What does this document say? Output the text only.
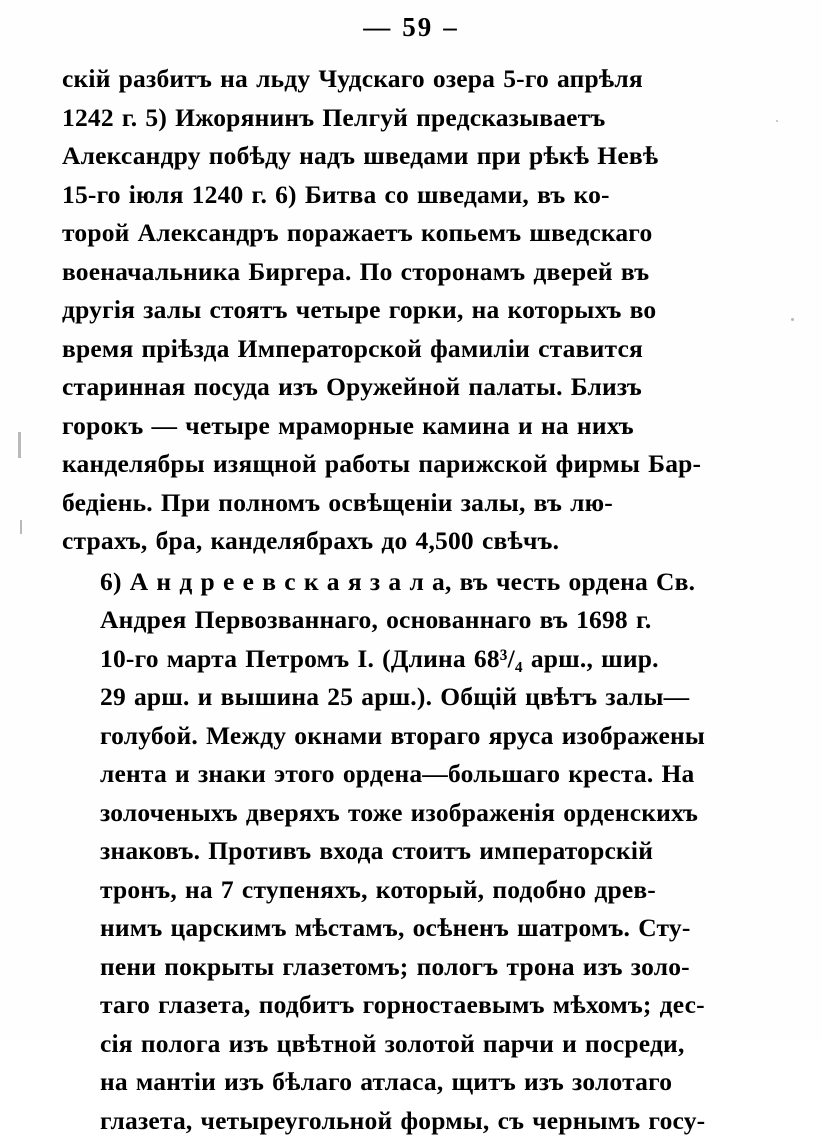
— 59 –

скій разбитъ на льду Чудскаго озера 5-го апрѣля
1242 г. 5) Ижорянинъ Пелгуй предсказываетъ
Александру побѣду надъ шведами при рѣкѣ Невѣ
15-го іюля 1240 г. 6) Битва со шведами, въ ко-
торой Александръ поражаетъ копьемъ шведскаго
военачальника Биргера. По сторонамъ дверей въ
другія залы стоятъ четыре горки, на которыхъ во
время пріѣзда Императорской фамиліи ставится
старинная посуда изъ Оружейной палаты. Близъ
горокъ — четыре мраморные камина и на нихъ
канделябры изящной работы парижской фирмы Бар-
бедіень. При полномъ освѣщеніи залы, въ лю-
страхъ, бра, канделябрахъ до 4,500 свѣчъ.

6) А н д р е е в с к а я з а л а, въ честь ордена Св.
Андрея Первозваннаго, основаннаго въ 1698 г.
10-го марта Петромъ I. (Длина 68³/₄ арш., шир.
29 арш. и вышина 25 арш.). Общій цвѣтъ залы—
голубой. Между окнами втораго яруса изображены
лента и знаки этого ордена—большаго креста. На
золоченыхъ дверяхъ тоже изображенія орденскихъ
знаковъ. Противъ входа стоитъ императорскій
тронъ, на 7 ступеняхъ, который, подобно древ-
нимъ царскимъ мѣстамъ, осѣненъ шатромъ. Сту-
пени покрыты глазетомъ; пологъ трона изъ золо-
таго глазета, подбитъ горностаевымъ мѣхомъ; дес-
сія полога изъ цвѣтной золотой парчи и посреди,
на мантіи изъ бѣлаго атласа, щитъ изъ золотаго
глазета, четыреугольной формы, съ чернымъ госу-
